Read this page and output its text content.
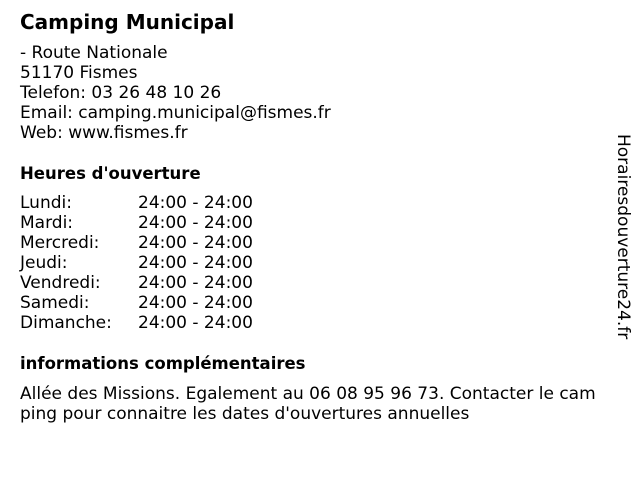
Camping Municipal
- Route Nationale
51170 Fismes
Telefon: 03 26 48 10 26
Email: camping.municipal@fismes.fr
Web: www.fismes.fr
Heures d'ouverture
Lundi:	24:00 - 24:00
Mardi:	24:00 - 24:00
Mercredi:	24:00 - 24:00
Jeudi:	24:00 - 24:00
Vendredi:	24:00 - 24:00
Samedi:	24:00 - 24:00
Dimanche:	24:00 - 24:00
informations complémentaires
Allée des Missions. Egalement au 06 08 95 96 73. Contacter le camping pour connaitre les dates d'ouvertures annuelles
Horairesdouverture24.fr
